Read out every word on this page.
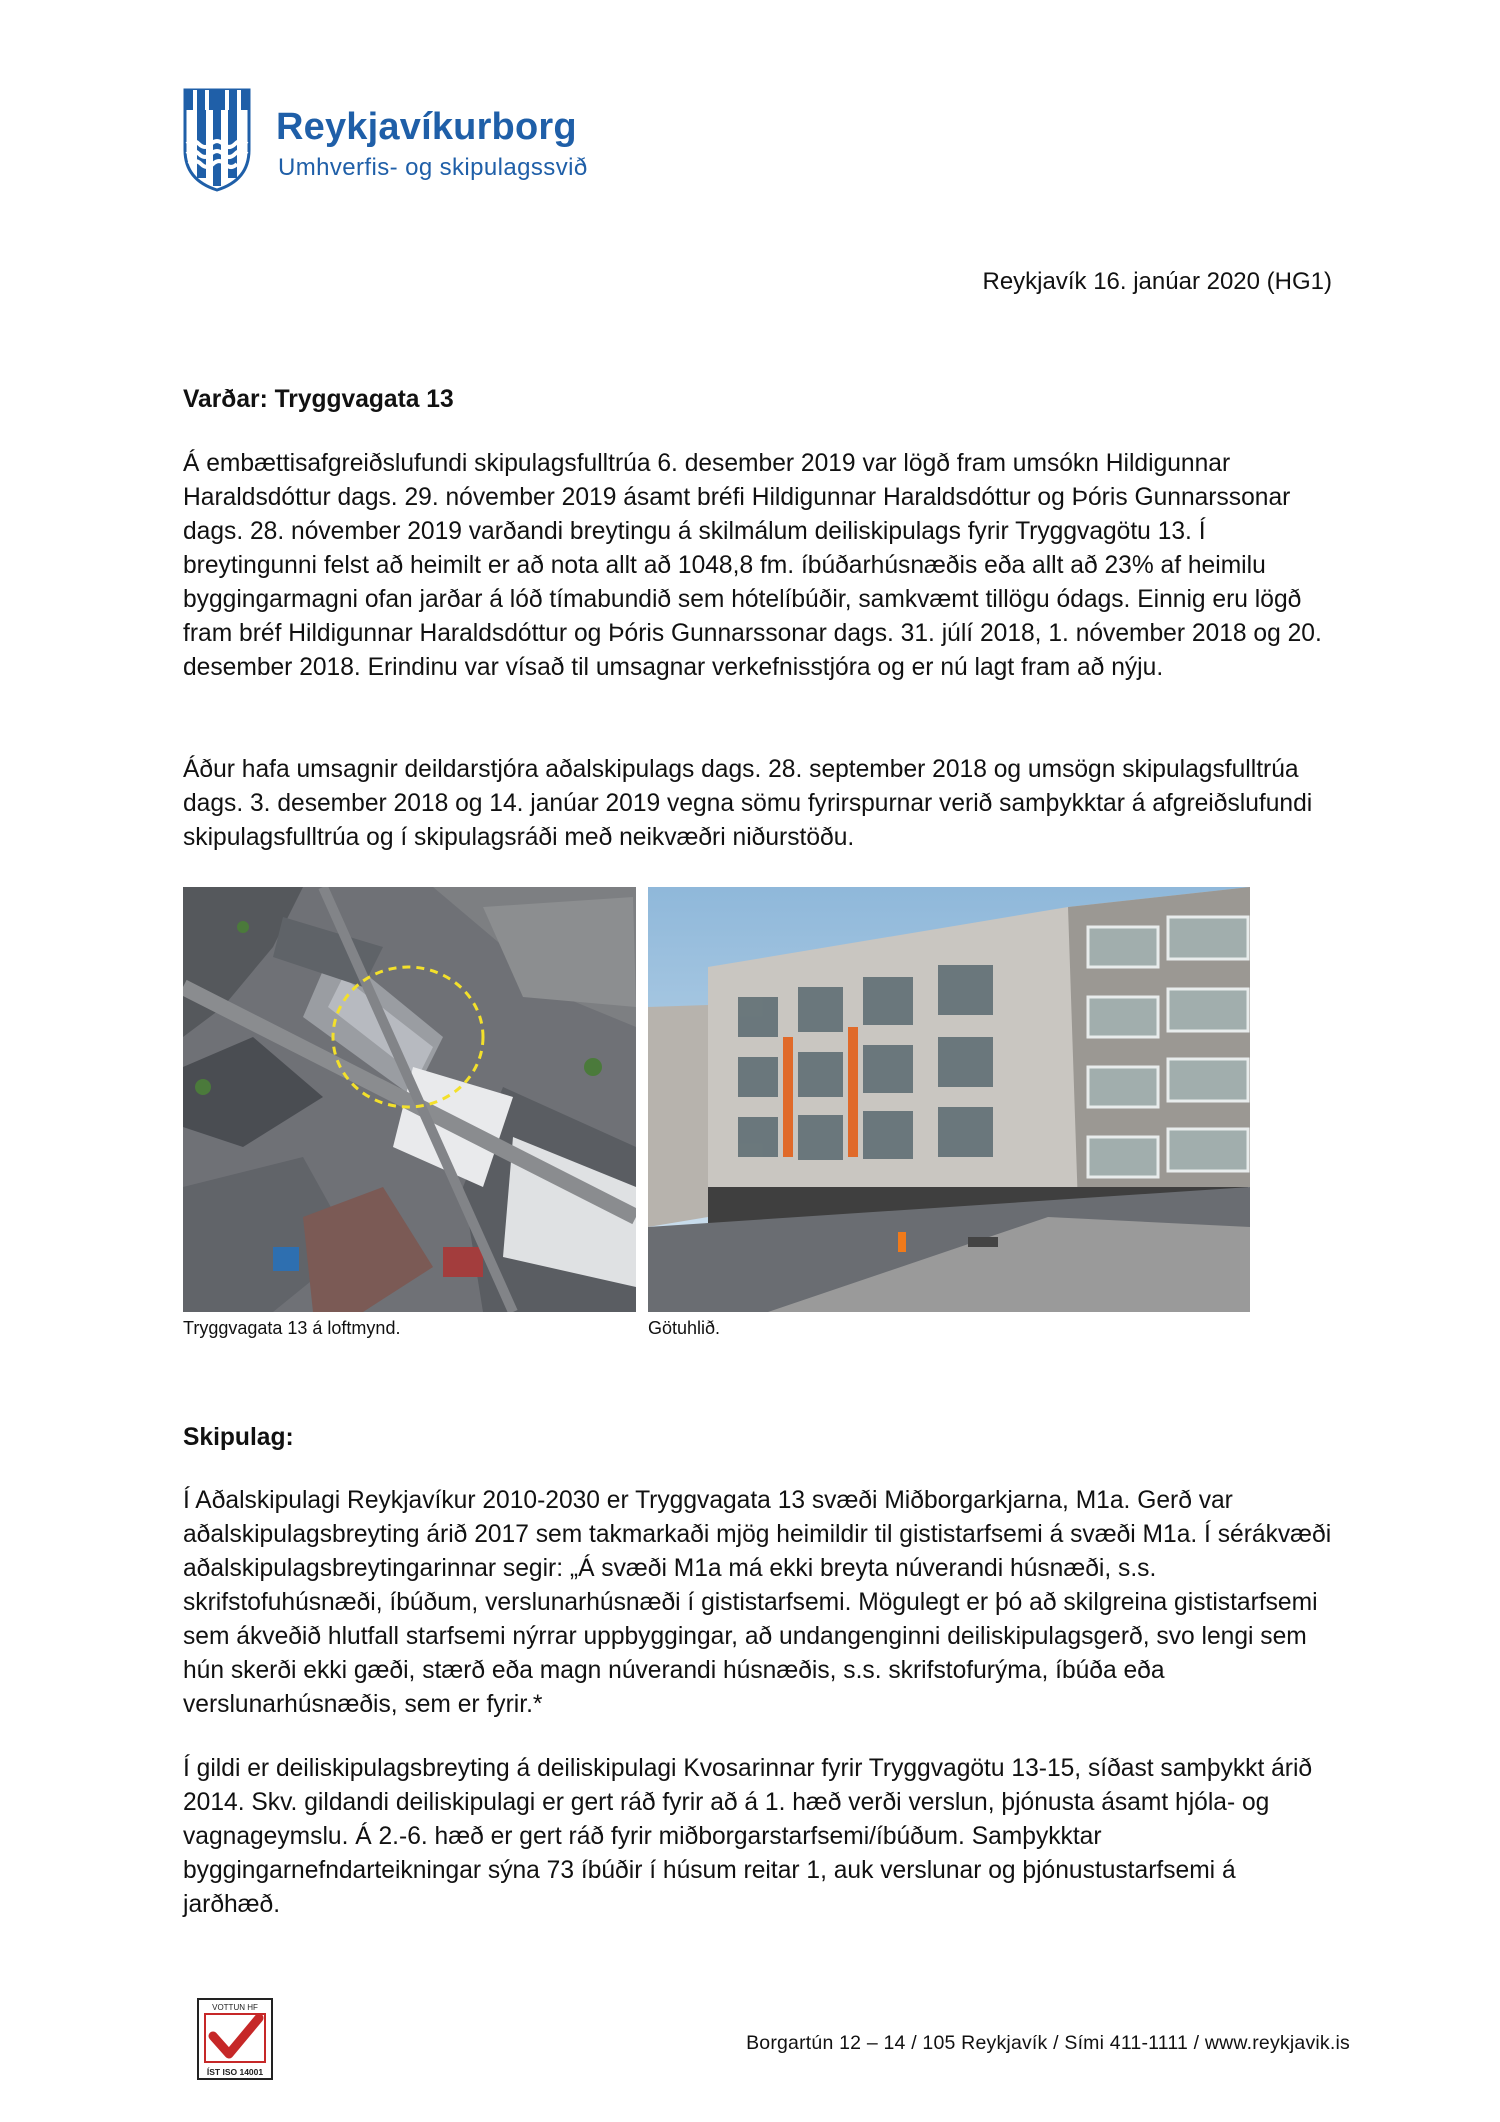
Reykjavíkurborg
Umhverfis- og skipulagssvið
Reykjavík 16. janúar 2020 (HG1)
Varðar: Tryggvagata 13

Á embættisafgreiðslufundi skipulagsfulltrúa 6. desember 2019 var lögð fram umsókn Hildigunnar Haraldsdóttur dags. 29. nóvember 2019 ásamt bréfi Hildigunnar Haraldsdóttur og Þóris Gunnarssonar dags. 28. nóvember 2019 varðandi breytingu á skilmálum deiliskipulags fyrir Tryggvagötu 13. Í breytingunni felst að heimilt er að nota allt að 1048,8 fm. íbúðarhúsnæðis eða allt að 23% af heimilu byggingarmagni ofan jarðar á lóð tímabundið sem hótelíbúðir, samkvæmt tillögu ódags. Einnig eru lögð fram bréf Hildigunnar Haraldsdóttur og Þóris Gunnarssonar dags. 31. júlí 2018, 1. nóvember 2018 og 20. desember 2018. Erindinu var vísað til umsagnar verkefnisstjóra og er nú lagt fram að nýju.

Áður hafa umsagnir deildarstjóra aðalskipulags dags. 28. september 2018 og umsögn skipulagsfulltrúa dags. 3. desember 2018 og 14. janúar 2019 vegna sömu fyrirspurnar verið samþykktar á afgreiðslufundi skipulagsfulltrúa og í skipulagsráði með neikvæðri niðurstöðu.

Tryggvagata 13 á loftmynd.	Götuhlið.
Skipulag:

Í Aðalskipulagi Reykjavíkur 2010-2030 er Tryggvagata 13 svæði Miðborgarkjarna, M1a. Gerð var aðalskipulagsbreyting árið 2017 sem takmarkaði mjög heimildir til gististarfsemi á svæði M1a. Í sérákvæði aðalskipulagsbreytingarinnar segir: „Á svæði M1a má ekki breyta núverandi húsnæði, s.s. skrifstofuhúsnæði, íbúðum, verslunarhúsnæði í gististarfsemi. Mögulegt er þó að skilgreina gististarfsemi sem ákveðið hlutfall starfsemi nýrrar uppbyggingar, að undangenginni deiliskipulagsgerð, svo lengi sem hún skerði ekki gæði, stærð eða magn núverandi húsnæðis, s.s. skrifstofurýma, íbúða eða verslunarhúsnæðis, sem er fyrir.*

Í gildi er deiliskipulagsbreyting á deiliskipulagi Kvosarinnar fyrir Tryggvagötu 13-15, síðast samþykkt árið 2014. Skv. gildandi deiliskipulagi er gert ráð fyrir að á 1. hæð verði verslun, þjónusta ásamt hjóla- og vagnageymslu. Á 2.-6. hæð er gert ráð fyrir miðborgarstarfsemi/íbúðum. Samþykktar byggingarnefndarteikningar sýna 73 íbúðir í húsum reitar 1, auk verslunar og þjónustustarfsemi á jarðhæð.

VOTTUN HF
ÍST ISO 14001
Borgartún 12 – 14 / 105 Reykjavík / Sími 411-1111 / www.reykjavik.is
